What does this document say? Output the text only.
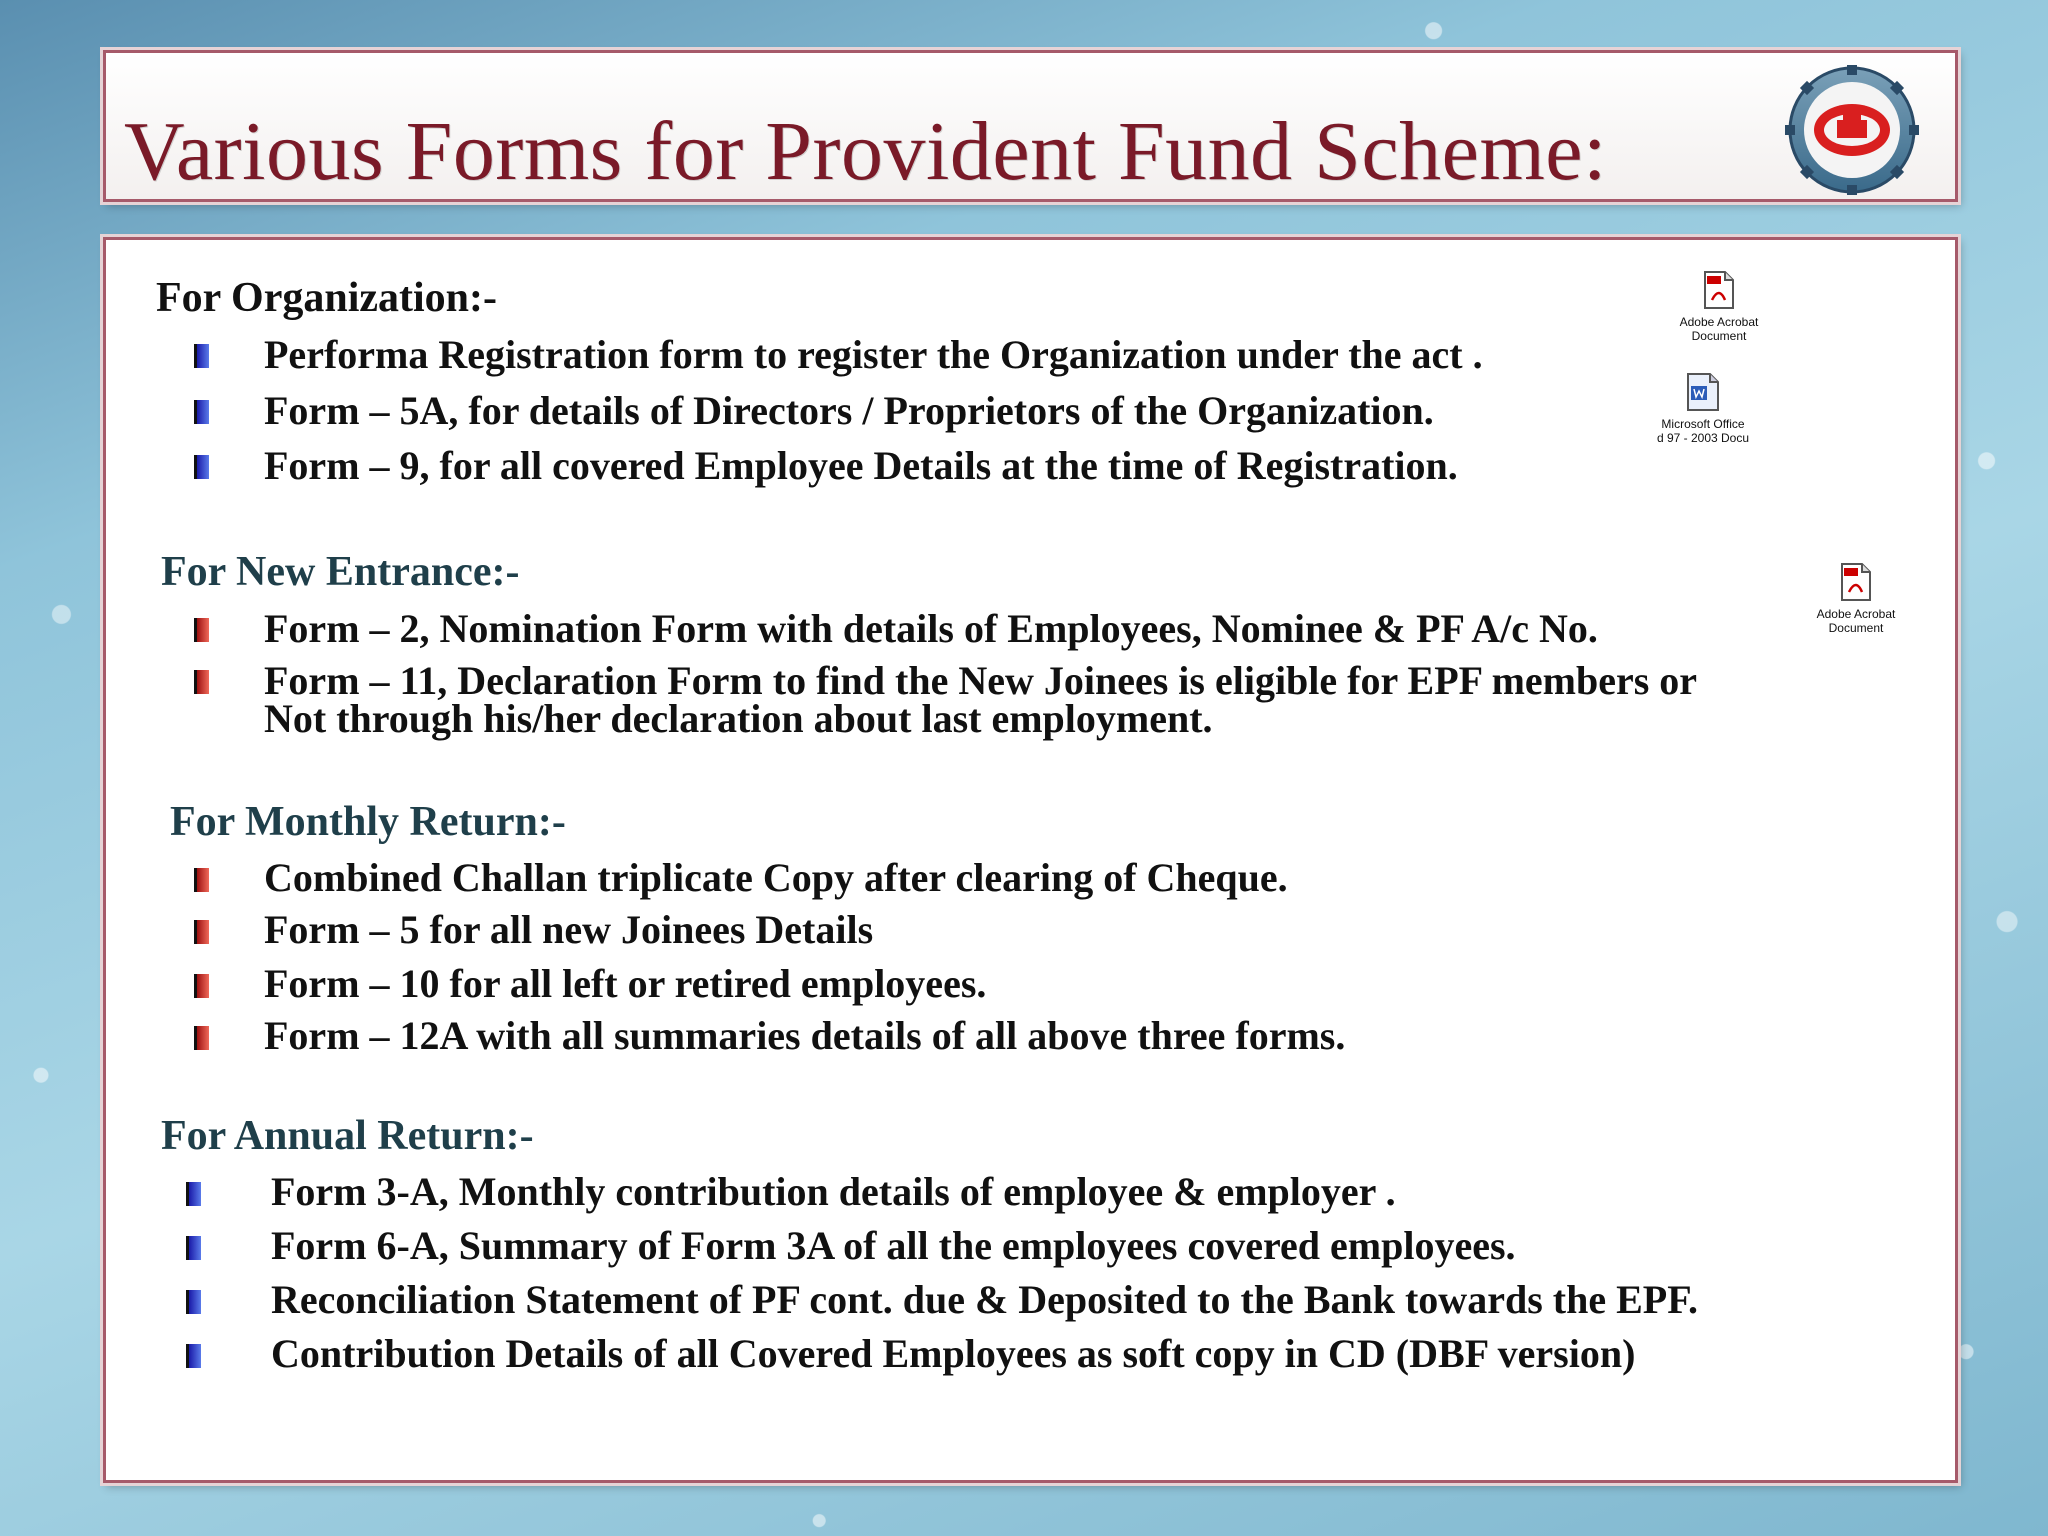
Various Forms for Provident Fund Scheme:
For Organization:-
Performa Registration form to register the Organization under the act .
Form – 5A, for details of Directors / Proprietors of the Organization.
Form – 9, for all covered Employee Details at the time of Registration.
For New Entrance:-
Form – 2, Nomination Form with details of Employees, Nominee & PF A/c No.
Form – 11, Declaration Form to find the New Joinees is eligible for EPF members or
Not through his/her declaration about last employment.
For Monthly Return:-
Combined Challan triplicate Copy after clearing of Cheque.
Form – 5 for all new Joinees Details
Form – 10 for all left or retired employees.
Form – 12A with all summaries details of all above three forms.
For Annual Return:-
Form 3-A, Monthly contribution details of employee & employer .
Form 6-A, Summary of Form 3A of all the employees covered employees.
Reconciliation Statement of PF cont. due & Deposited to the Bank towards the EPF.
Contribution Details of all Covered Employees as soft copy in CD (DBF version)
Adobe Acrobat
Document
Microsoft Office
d 97 - 2003 Docu
Adobe Acrobat
Document
